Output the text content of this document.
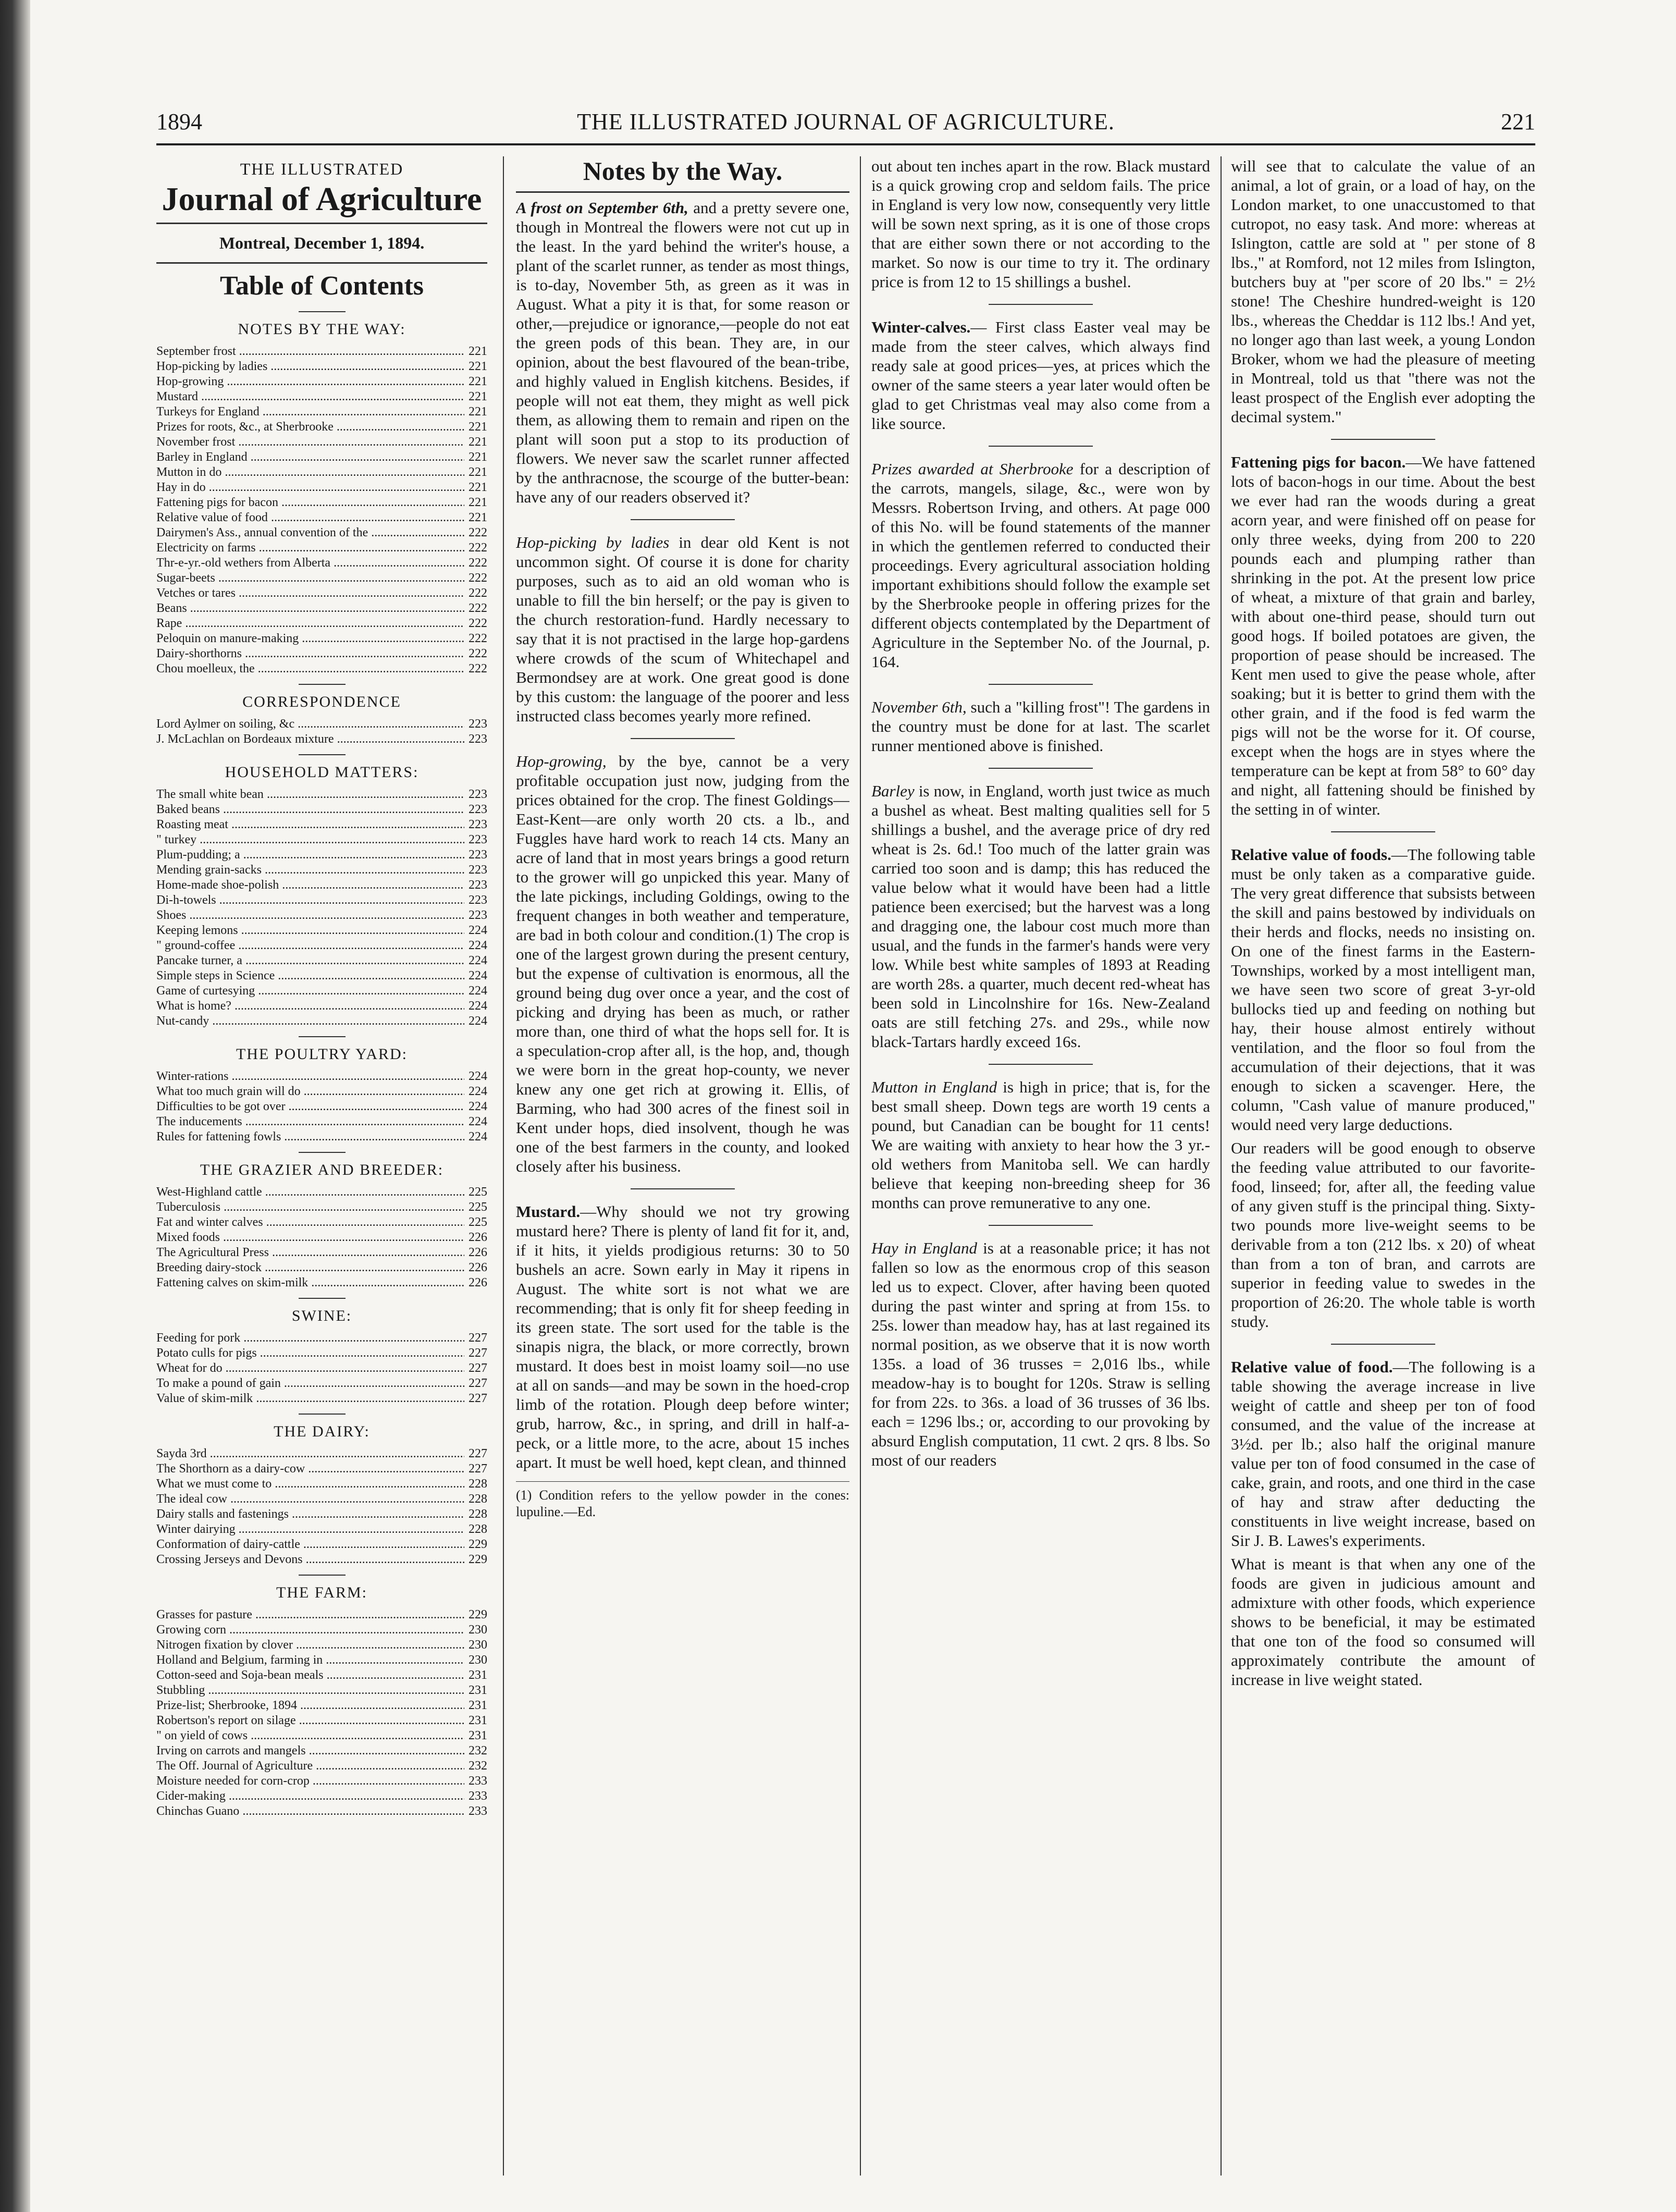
1894	THE ILLUSTRATED JOURNAL OF AGRICULTURE.	221
THE ILLUSTRATED
Journal of Agriculture
Montreal, December 1, 1894.
Table of Contents
NOTES BY THE WAY:
September frost .....	221
Hop-picking by ladies .....	221
Hop-growing .....	221
Mustard .....	221
Turkeys for England .....	221
Prizes for roots, &c., at Sherbrooke .....	221
November frost .....	221
Barley in England .....	221
Mutton in do .....	221
Hay in do .....	221
Fattening pigs for bacon .....	221
Relative value of food .....	221
Dairymen's Ass., annual convention of the .....	222
Electricity on farms .....	222
Thr-e-yr.-old wethers from Alberta .....	222
Sugar-beets .....	222
Vetches or tares .....	222
Beans .....	222
Rape .....	222
Peloquin on manure-making .....	222
Dairy-shorthorns .....	222
Chou moelleux, the .....	222
CORRESPONDENCE
Lord Aylmer on soiling, &c .....	223
J. McLachlan on Bordeaux mixture .....	223
HOUSEHOLD MATTERS:
The small white bean .....	223
Baked beans .....	223
Roasting meat .....	223
" turkey .....	223
Plum-pudding; a .....	223
Mending grain-sacks .....	223
Home-made shoe-polish .....	223
Di-h-towels .....	223
Shoes .....	223
Keeping lemons .....	224
" ground-coffee .....	224
Pancake turner, a .....	224
Simple steps in Science .....	224
Game of curtesying .....	224
What is home? .....	224
Nut-candy .....	224
THE POULTRY YARD:
Winter-rations .....	224
What too much grain will do .....	224
Difficulties to be got over .....	224
The inducements .....	224
Rules for fattening fowls .....	224
THE GRAZIER AND BREEDER:
West-Highland cattle .....	225
Tuberculosis .....	225
Fat and winter calves .....	225
Mixed foods .....	226
The Agricultural Press .....	226
Breeding dairy-stock .....	226
Fattening calves on skim-milk .....	226
SWINE:
Feeding for pork .....	227
Potato culls for pigs .....	227
Wheat for do .....	227
To make a pound of gain .....	227
Value of skim-milk .....	227
THE DAIRY:
Sayda 3rd .....	227
The Shorthorn as a dairy-cow .....	227
What we must come to .....	228
The ideal cow .....	228
Dairy stalls and fastenings .....	228
Winter dairying .....	228
Conformation of dairy-cattle .....	229
Crossing Jerseys and Devons .....	229
THE FARM:
Grasses for pasture .....	229
Growing corn .....	230
Nitrogen fixation by clover .....	230
Holland and Belgium, farming in .....	230
Cotton-seed and Soja-bean meals .....	231
Stubbling .....	231
Prize-list; Sherbrooke, 1894 .....	231
Robertson's report on silage .....	231
" on yield of cows .....	231
Irving on carrots and mangels .....	232
The Off. Journal of Agriculture .....	232
Moisture needed for corn-crop .....	233
Cider-making .....	233
Chinchas Guano .....	233
Notes by the Way.

A frost on September 6th, and a pretty severe one, though in Montreal the flowers were not cut up in the least. In the yard behind the writer's house, a plant of the scarlet runner, as tender as most things, is to-day, November 5th, as green as it was in August. What a pity it is that, for some reason or other,—prejudice or ignorance,—people do not eat the green pods of this bean. They are, in our opinion, about the best flavoured of the bean-tribe, and highly valued in English kitchens. Besides, if people will not eat them, they might as well pick them, as allowing them to remain and ripen on the plant will soon put a stop to its production of flowers. We never saw the scarlet runner affected by the anthracnose, the scourge of the butter-bean: have any of our readers observed it?

Hop-picking by ladies in dear old Kent is not uncommon sight. Of course it is done for charity purposes, such as to aid an old woman who is unable to fill the bin herself; or the pay is given to the church restoration-fund. Hardly necessary to say that it is not practised in the large hop-gardens where crowds of the scum of Whitechapel and Bermondsey are at work. One great good is done by this custom: the language of the poorer and less instructed class becomes yearly more refined.

Hop-growing, by the bye, cannot be a very profitable occupation just now, judging from the prices obtained for the crop. The finest Goldings—East-Kent—are only worth 20 cts. a lb., and Fuggles have hard work to reach 14 cts. Many an acre of land that in most years brings a good return to the grower will go unpicked this year. Many of the late pickings, including Goldings, owing to the frequent changes in both weather and temperature, are bad in both colour and condition.(1) The crop is one of the largest grown during the present century, but the expense of cultivation is enormous, all the ground being dug over once a year, and the cost of picking and drying has been as much, or rather more than, one third of what the hops sell for. It is a speculation-crop after all, is the hop, and, though we were born in the great hop-county, we never knew any one get rich at growing it. Ellis, of Barming, who had 300 acres of the finest soil in Kent under hops, died insolvent, though he was one of the best farmers in the county, and looked closely after his business.

Mustard.—Why should we not try growing mustard here? There is plenty of land fit for it, and, if it hits, it yields prodigious returns: 30 to 50 bushels an acre. Sown early in May it ripens in August. The white sort is not what we are recommending; that is only fit for sheep feeding in its green state. The sort used for the table is the sinapis nigra, the black, or more correctly, brown mustard. It does best in moist loamy soil—no use at all on sands—and may be sown in the hoed-crop limb of the rotation. Plough deep before winter; grub, harrow, &c., in spring, and drill in half-a-peck, or a little more, to the acre, about 15 inches apart. It must be well hoed, kept clean, and thinned

(1) Condition refers to the yellow powder in the cones: lupuline.—Ed.

out about ten inches apart in the row. Black mustard is a quick growing crop and seldom fails. The price in England is very low now, consequently very little will be sown next spring, as it is one of those crops that are either sown there or not according to the market. So now is our time to try it. The ordinary price is from 12 to 15 shillings a bushel.

Winter-calves.— First class Easter veal may be made from the steer calves, which always find ready sale at good prices—yes, at prices which the owner of the same steers a year later would often be glad to get Christmas veal may also come from a like source.

Prizes awarded at Sherbrooke for a description of the carrots, mangels, silage, &c., were won by Messrs. Robertson Irving, and others. At page 000 of this No. will be found statements of the manner in which the gentlemen referred to conducted their proceedings. Every agricultural association holding important exhibitions should follow the example set by the Sherbrooke people in offering prizes for the different objects contemplated by the Department of Agriculture in the September No. of the Journal, p. 164.

November 6th, such a "killing frost"! The gardens in the country must be done for at last. The scarlet runner mentioned above is finished.

Barley is now, in England, worth just twice as much a bushel as wheat. Best malting qualities sell for 5 shillings a bushel, and the average price of dry red wheat is 2s. 6d.! Too much of the latter grain was carried too soon and is damp; this has reduced the value below what it would have been had a little patience been exercised; but the harvest was a long and dragging one, the labour cost much more than usual, and the funds in the farmer's hands were very low. While best white samples of 1893 at Reading are worth 28s. a quarter, much decent red-wheat has been sold in Lincolnshire for 16s. New-Zealand oats are still fetching 27s. and 29s., while now black-Tartars hardly exceed 16s.

Mutton in England is high in price; that is, for the best small sheep. Down tegs are worth 19 cents a pound, but Canadian can be bought for 11 cents! We are waiting with anxiety to hear how the 3 yr.-old wethers from Manitoba sell. We can hardly believe that keeping non-breeding sheep for 36 months can prove remunerative to any one.

Hay in England is at a reasonable price; it has not fallen so low as the enormous crop of this season led us to expect. Clover, after having been quoted during the past winter and spring at from 15s. to 25s. lower than meadow hay, has at last regained its normal position, as we observe that it is now worth 135s. a load of 36 trusses = 2,016 lbs., while meadow-hay is to bought for 120s. Straw is selling for from 22s. to 36s. a load of 36 trusses of 36 lbs. each = 1296 lbs.; or, according to our provoking by absurd English computation, 11 cwt. 2 qrs. 8 lbs. So most of our readers

will see that to calculate the value of an animal, a lot of grain, or a load of hay, on the London market, to one unaccustomed to that cutropot, no easy task. And more: whereas at Islington, cattle are sold at " per stone of 8 lbs.," at Romford, not 12 miles from Islington, butchers buy at "per score of 20 lbs." = 2½ stone! The Cheshire hundred-weight is 120 lbs., whereas the Cheddar is 112 lbs.! And yet, no longer ago than last week, a young London Broker, whom we had the pleasure of meeting in Montreal, told us that "there was not the least prospect of the English ever adopting the decimal system."

Fattening pigs for bacon.—We have fattened lots of bacon-hogs in our time. About the best we ever had ran the woods during a great acorn year, and were finished off on pease for only three weeks, dying from 200 to 220 pounds each and plumping rather than shrinking in the pot. At the present low price of wheat, a mixture of that grain and barley, with about one-third pease, should turn out good hogs. If boiled potatoes are given, the proportion of pease should be increased. The Kent men used to give the pease whole, after soaking; but it is better to grind them with the other grain, and if the food is fed warm the pigs will not be the worse for it. Of course, except when the hogs are in styes where the temperature can be kept at from 58° to 60° day and night, all fattening should be finished by the setting in of winter.

Relative value of foods.—The following table must be only taken as a comparative guide. The very great difference that subsists between the skill and pains bestowed by individuals on their herds and flocks, needs no insisting on. On one of the finest farms in the Eastern-Townships, worked by a most intelligent man, we have seen two score of great 3-yr-old bullocks tied up and feeding on nothing but hay, their house almost entirely without ventilation, and the floor so foul from the accumulation of their dejections, that it was enough to sicken a scavenger. Here, the column, "Cash value of manure produced," would need very large deductions.

Our readers will be good enough to observe the feeding value attributed to our favorite-food, linseed; for, after all, the feeding value of any given stuff is the principal thing. Sixty-two pounds more live-weight seems to be derivable from a ton (212 lbs. x 20) of wheat than from a ton of bran, and carrots are superior in feeding value to swedes in the proportion of 26:20. The whole table is worth study.

Relative value of food.—The following is a table showing the average increase in live weight of cattle and sheep per ton of food consumed, and the value of the increase at 3½d. per lb.; also half the original manure value per ton of food consumed in the case of cake, grain, and roots, and one third in the case of hay and straw after deducting the constituents in live weight increase, based on Sir J. B. Lawes's experiments.

What is meant is that when any one of the foods are given in judicious amount and admixture with other foods, which experience shows to be beneficial, it may be estimated that one ton of the food so consumed will approximately contribute the amount of increase in live weight stated.
